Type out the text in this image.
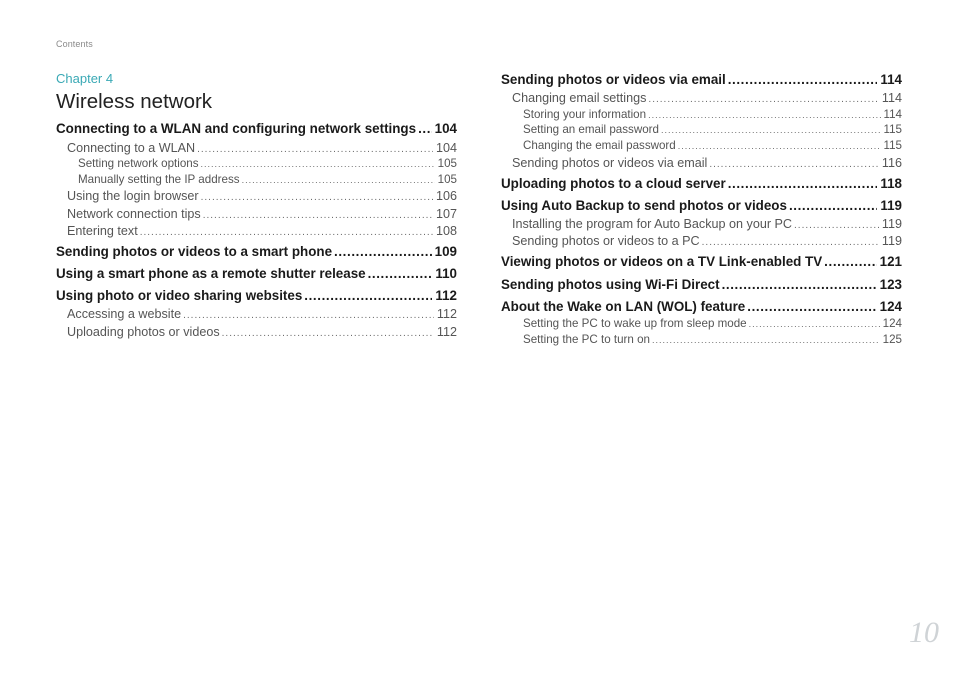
Contents
Chapter 4
Wireless network
Connecting to a WLAN and configuring network settings ..... 104
Connecting to a WLAN .....	104
Setting network options .....	105
Manually setting the IP address .....	105
Using the login browser .....	106
Network connection tips .....	107
Entering text .....	108
Sending photos or videos to a smart phone .....	109
Using a smart phone as a remote shutter release .....	110
Using photo or video sharing websites .....	112
Accessing a website .....	112
Uploading photos or videos .....	112
Sending photos or videos via email .....	114
Changing email settings .....	114
Storing your information .....	114
Setting an email password .....	115
Changing the email password .....	115
Sending photos or videos via email .....	116
Uploading photos to a cloud server .....	118
Using Auto Backup to send photos or videos .....	119
Installing the program for Auto Backup on your PC .....	119
Sending photos or videos to a PC .....	119
Viewing photos or videos on a TV Link-enabled TV .....	121
Sending photos using Wi-Fi Direct .....	123
About the Wake on LAN (WOL) feature .....	124
Setting the PC to wake up from sleep mode .....	124
Setting the PC to turn on .....	125
10
